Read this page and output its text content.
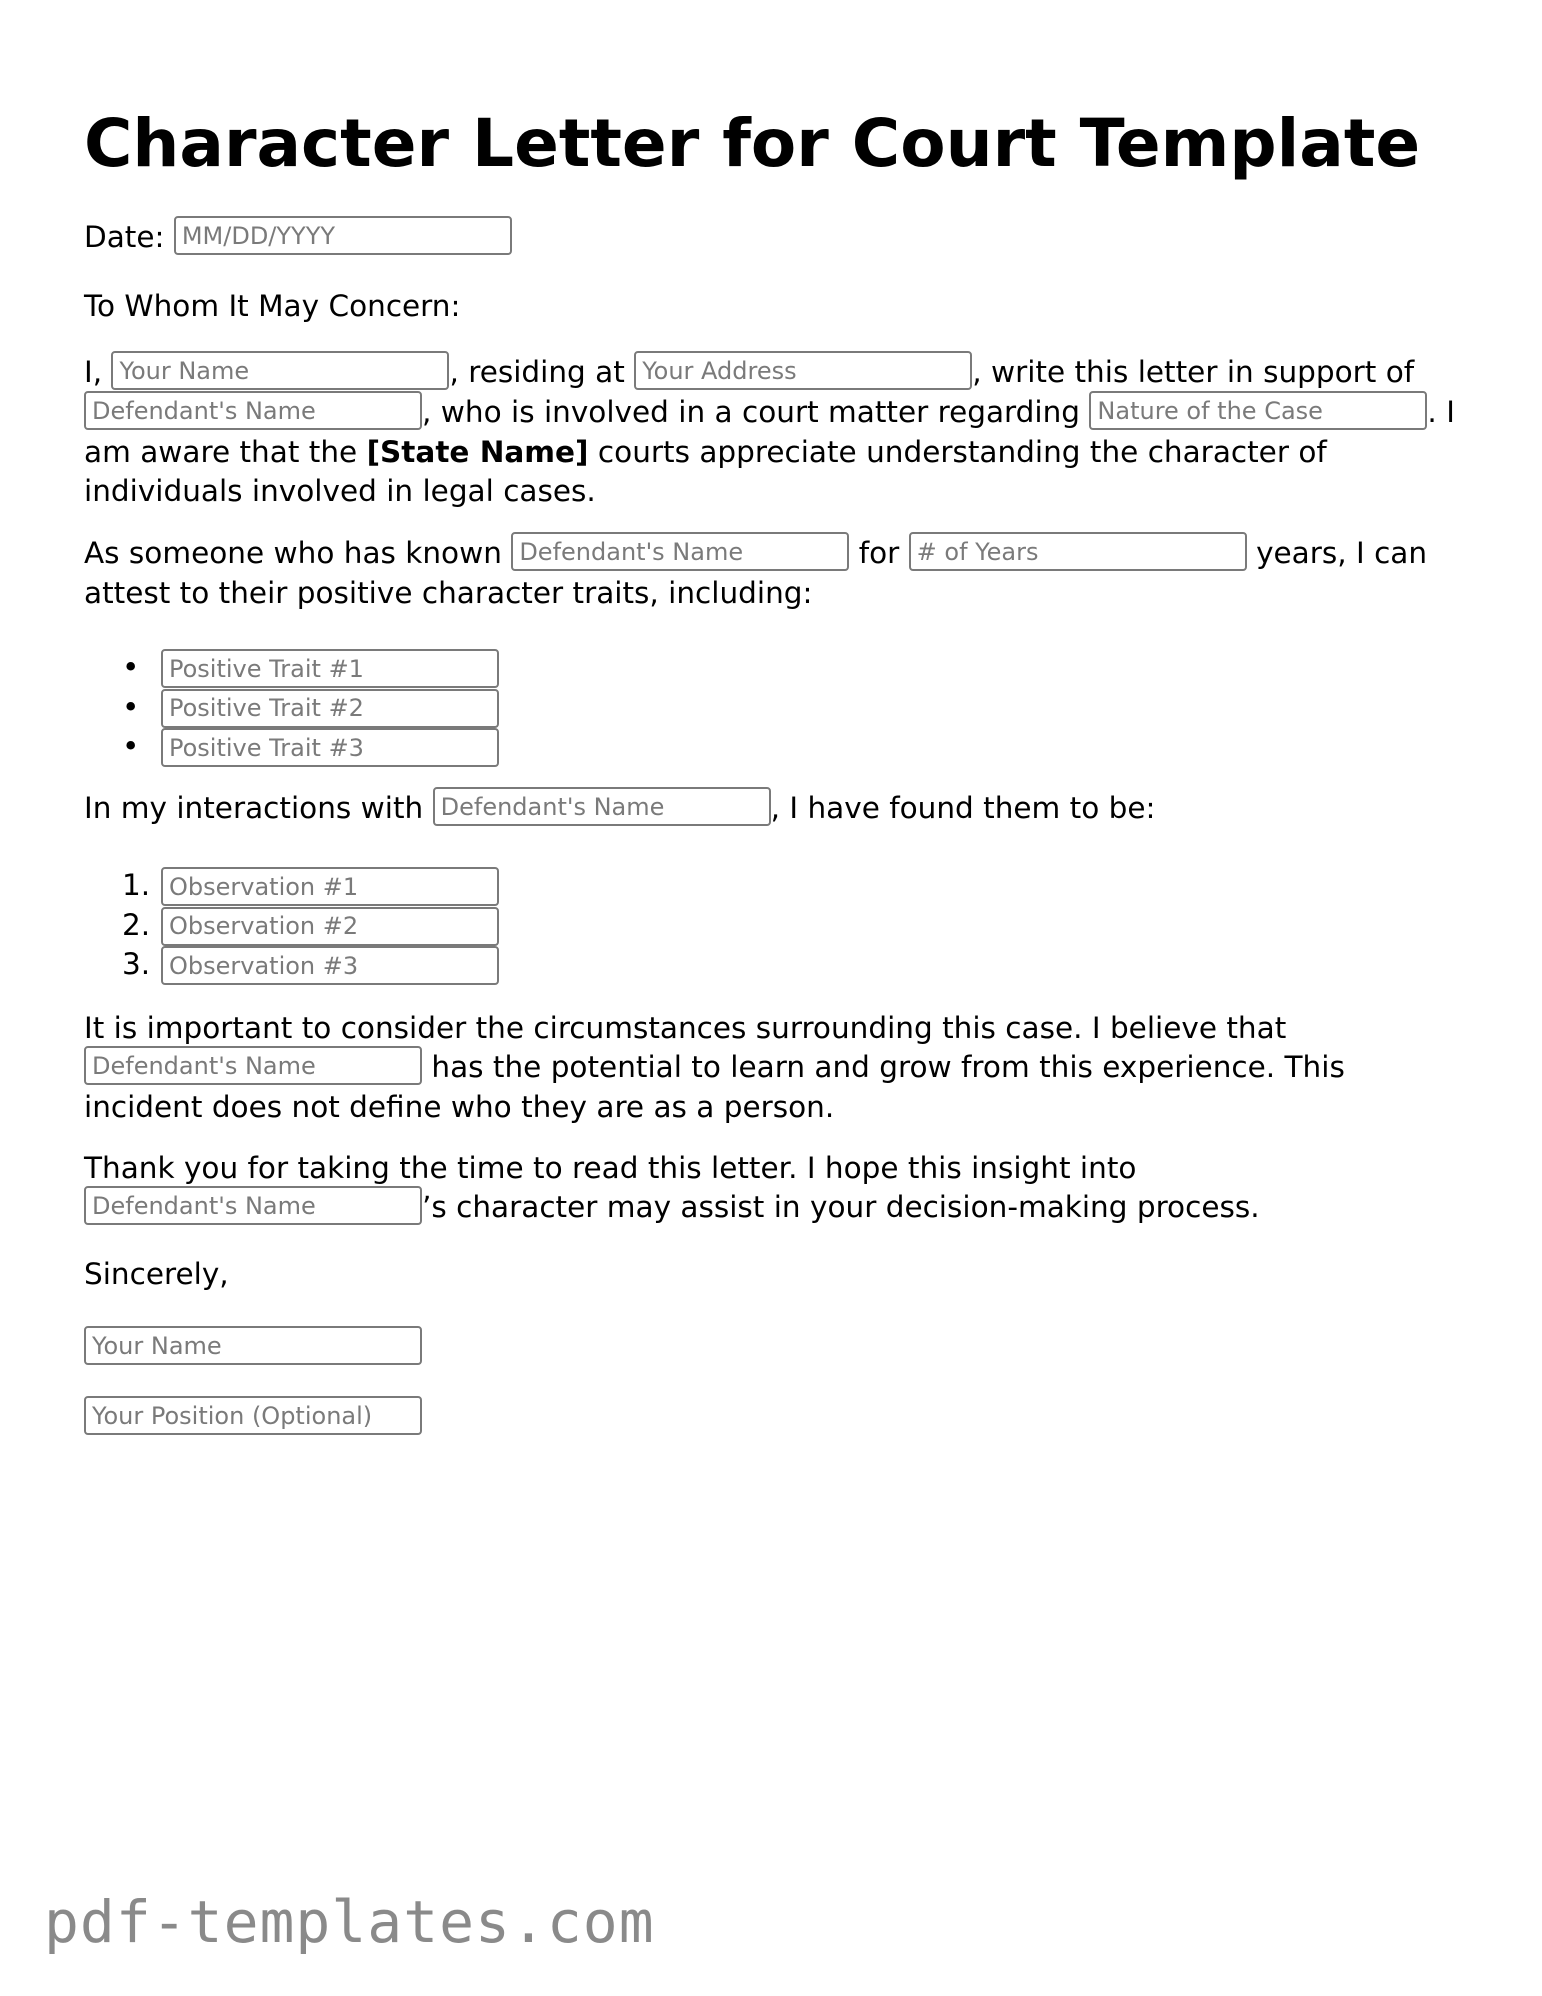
Character Letter for Court Template

Date: MM/DD/YYYY

To Whom It May Concern:

I, Your Name	, residing at Your Address	, write this letter in support of Defendant's Name, who is involved in a court matter regarding Nature of the Case	. I am aware that the [State Name] courts appreciate understanding the character of individuals involved in legal cases.

As someone who has known Defendant's Name	for # of Years	years, I can attest to their positive character traits, including:

•
Positive Trait #1
•
Positive Trait #2
•
Positive Trait #3

In my interactions with Defendant's Name	, I have found them to be:

1.
Observation #1
2.
Observation #2
3.
Observation #3

It is important to consider the circumstances surrounding this case. I believe that Defendant's Name has the potential to learn and grow from this experience. This incident does not define who they are as a person.

Thank you for taking the time to read this letter. I hope this insight into Defendant's Name’s character may assist in your decision-making process.

Sincerely,

Your Name

Your Position (Optional)

pdf-templates.com
